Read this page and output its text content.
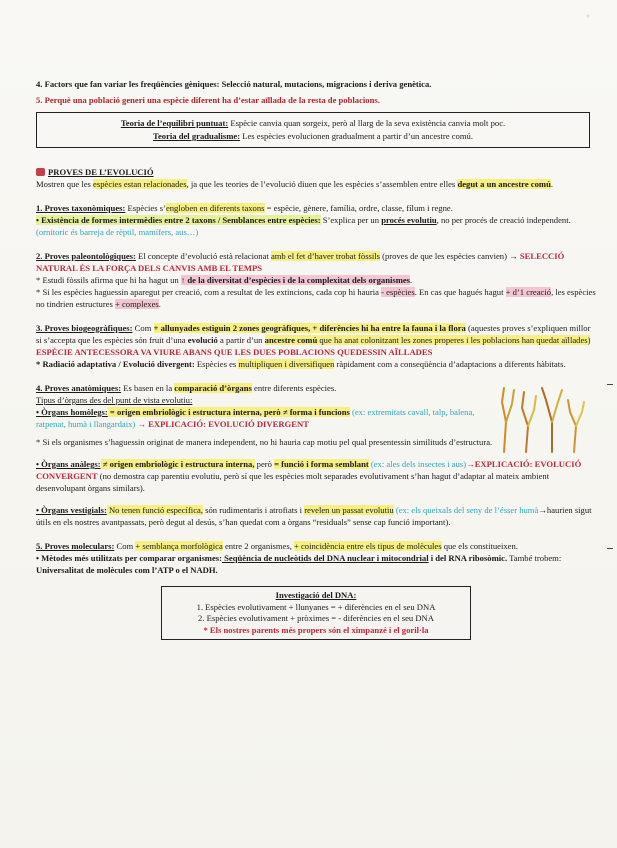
●

4. Factors que fan variar les freqüències gèniques: Selecció natural, mutacions, migracions i deriva genètica.

5. Perquè una població generi una espècie diferent ha d’estar aïllada de la resta de poblacions.

Teoria de l’equilibri puntuat: Espècie canvia quan sorgeix, però al llarg de la seva existència canvia molt poc.
Teoria del gradualisme: Les espècies evolucionen gradualment a partir d’un ancestre comú.

PROVES DE L’EVOLUCIÓ

Mostren que les espècies estan relacionades, ja que les teories de l’evolució diuen que les espècies s’assemblen entre elles degut a un ancestre comú.

1. Proves taxonòmiques: Espècies s’engloben en diferents taxons = espècie, gènere, família, ordre, classe, fílum i regne.

• Existència de formes intermèdies entre 2 taxons / Semblances entre espècies: S’explica per un procés evolutiu, no per procés de creació independent. (ornitoric és barreja de rèptil, mamífers, aus…)

2. Proves paleontològiques: El concepte d’evolució està relacionat amb el fet d’haver trobat fòssils (proves de que les espècies canvien) → SELECCIÓ NATURAL ÉS LA FORÇA DELS CANVIS AMB EL TEMPS

* Estudi fòssils afirma que hi ha hagut un ↑ de la diversitat d’espècies i de la complexitat dels organismes.

* Si les espècies haguessin aparegut per creació, com a resultat de les extincions, cada cop hi hauria - espècies. En cas que hagués hagut + d’1 creació, les espècies no tindrien estructures + complexes.

3. Proves biogeogràfiques: Com + allunyades estiguin 2 zones geogràfiques, + diferències hi ha entre la fauna i la flora (aquestes proves s’expliquen millor si s’accepta que les espècies són fruit d’una evolució a partir d’un ancestre comú que ha anat colonitzant les zones properes i les poblacions han quedat aïllades) ESPÈCIE ANTECESSORA VA VIURE ABANS QUE LES DUES POBLACIONS QUEDESSIN AÏLLADES

* Radiació adaptativa / Evolució divergent: Espècies es multipliquen i diversifiquen ràpidament com a conseqüència d’adaptacions a diferents hàbitats.

4. Proves anatòmiques: Es basen en la comparació d’òrgans entre diferents espècies.

Tipus d’òrgans des del punt de vista evolutiu:

• Òrgans homòlegs: = origen embriològic i estructura interna, però ≠ forma i funcions (ex: extremitats cavall, talp, balena, ratpenat, humà i llangardaix) → EXPLICACIÓ: EVOLUCIÓ DIVERGENT

* Si els organismes s’haguessin originat de manera independent, no hi hauria cap motiu pel qual presentessin similituds d’estructura.

• Òrgans anàlegs: ≠ origen embriològic i estructura interna, però = funció i forma semblant (ex: ales dels insectes i aus)→EXPLICACIÓ: EVOLUCIÓ CONVERGENT (no demostra cap parentiu evolutiu, però sí que les espècies molt separades evolutivament s’han hagut d’adaptar al mateix ambient desenvolupant òrgans similars).

• Òrgans vestigials: No tenen funció específica, són rudimentaris i atrofiats i revelen un passat evolutiu (ex: els queixals del seny de l’ésser humà→haurien sigut útils en els nostres avantpassats, però degut al desús, s’han quedat com a òrgans “residuals” sense cap funció important).

5. Proves moleculars: Com + semblança morfològica entre 2 organismes, + coincidència entre els tipus de molècules que els constitueixen.

• Mètodes més utilitzats per comparar organismes: Seqüència de nucleòtids del DNA nuclear i mitocondrial i del RNA ribosòmic. També trobem: Universalitat de molècules com l’ATP o el NADH.

Investigació del DNA:
1. Espècies evolutivament + llunyanes = + diferències en el seu DNA
2. Espècies evolutivament + pròximes = - diferències en el seu DNA
* Els nostres parents més propers són el ximpanzé i el goril·la
